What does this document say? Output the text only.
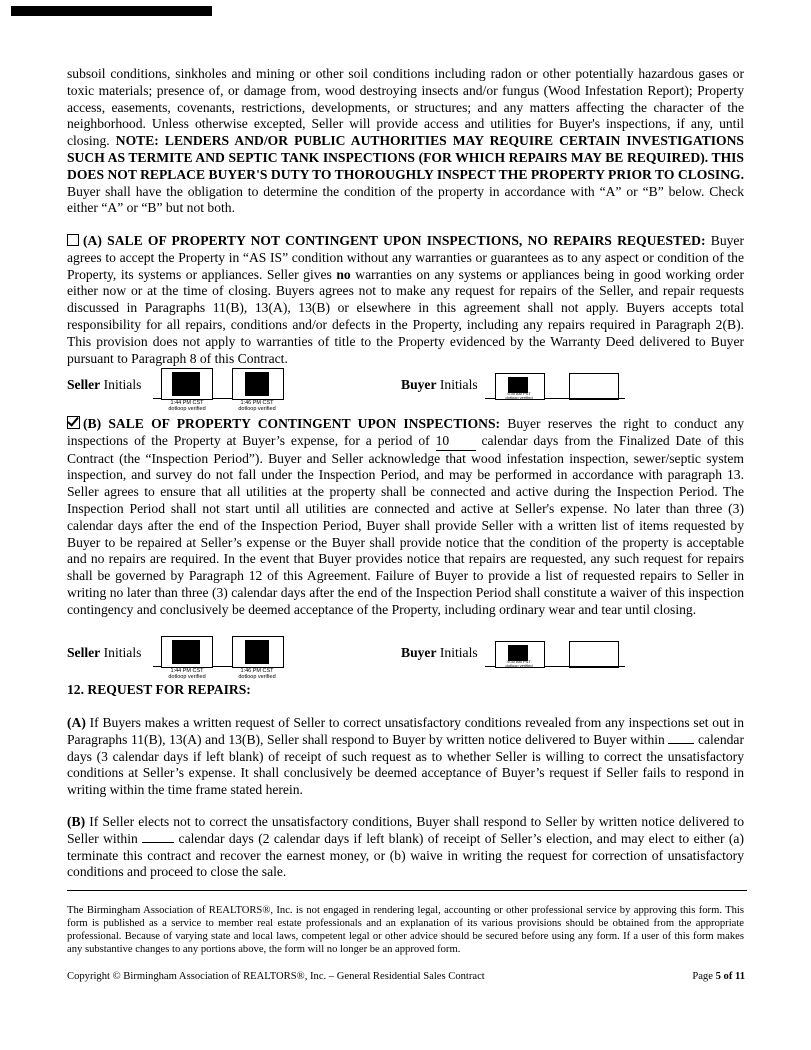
subsoil conditions, sinkholes and mining or other soil conditions including radon or other potentially hazardous gases or toxic materials; presence of, or damage from, wood destroying insects and/or fungus (Wood Infestation Report); Property access, easements, covenants, restrictions, developments, or structures; and any matters affecting the character of the neighborhood. Unless otherwise excepted, Seller will provide access and utilities for Buyer's inspections, if any, until closing. NOTE: LENDERS AND/OR PUBLIC AUTHORITIES MAY REQUIRE CERTAIN INVESTIGATIONS SUCH AS TERMITE AND SEPTIC TANK INSPECTIONS (FOR WHICH REPAIRS MAY BE REQUIRED). THIS DOES NOT REPLACE BUYER'S DUTY TO THOROUGHLY INSPECT THE PROPERTY PRIOR TO CLOSING. Buyer shall have the obligation to determine the condition of the property in accordance with “A” or “B” below. Check either “A” or “B” but not both.
(A) SALE OF PROPERTY NOT CONTINGENT UPON INSPECTIONS, NO REPAIRS REQUESTED: Buyer agrees to accept the Property in “AS IS” condition without any warranties or guarantees as to any aspect or condition of the Property, its systems or appliances. Seller gives no warranties on any systems or appliances being in good working order either now or at the time of closing. Buyers agrees not to make any request for repairs of the Seller, and repair requests discussed in Paragraphs 11(B), 13(A), 13(B) or elsewhere in this agreement shall not apply. Buyers accepts total responsibility for all repairs, conditions and/or defects in the Property, including any repairs required in Paragraph 2(B). This provision does not apply to warranties of title to the Property evidenced by the Warranty Deed delivered to Buyer pursuant to Paragraph 8 of this Contract.
Seller Initials
1:44 PM CST
dotloop verified
1:46 PM CST
dotloop verified
Buyer Initials
9:30 AM PST
dotloop verified
(B) SALE OF PROPERTY CONTINGENT UPON INSPECTIONS: Buyer reserves the right to conduct any inspections of the Property at Buyer’s expense, for a period of 10 calendar days from the Finalized Date of this Contract (the “Inspection Period”). Buyer and Seller acknowledge that wood infestation inspection, sewer/septic system inspection, and survey do not fall under the Inspection Period, and may be performed in accordance with paragraph 13. Seller agrees to ensure that all utilities at the property shall be connected and active during the Inspection Period. The Inspection Period shall not start until all utilities are connected and active at Seller's expense. No later than three (3) calendar days after the end of the Inspection Period, Buyer shall provide Seller with a written list of items requested by Buyer to be repaired at Seller’s expense or the Buyer shall provide notice that the condition of the property is acceptable and no repairs are required. In the event that Buyer provides notice that repairs are requested, any such request for repairs shall be governed by Paragraph 12 of this Agreement. Failure of Buyer to provide a list of requested repairs to Seller in writing no later than three (3) calendar days after the end of the Inspection Period shall constitute a waiver of this inspection contingency and conclusively be deemed acceptance of the Property, including ordinary wear and tear until closing.
Seller Initials
1:44 PM CST
dotloop verified
1:46 PM CST
dotloop verified
Buyer Initials
9:30 AM PST
dotloop verified
12. REQUEST FOR REPAIRS:
(A) If Buyers makes a written request of Seller to correct unsatisfactory conditions revealed from any inspections set out in Paragraphs 11(B), 13(A) and 13(B), Seller shall respond to Buyer by written notice delivered to Buyer within calendar days (3 calendar days if left blank) of receipt of such request as to whether Seller is willing to correct the unsatisfactory conditions at Seller’s expense. It shall conclusively be deemed acceptance of Buyer’s request if Seller fails to respond in writing within the time frame stated herein.
(B) If Seller elects not to correct the unsatisfactory conditions, Buyer shall respond to Seller by written notice delivered to Seller within	calendar days (2 calendar days if left blank) of receipt of Seller’s election, and may elect to either (a) terminate this contract and recover the earnest money, or (b) waive in writing the request for correction of unsatisfactory conditions and proceed to close the sale.
The Birmingham Association of REALTORS®, Inc. is not engaged in rendering legal, accounting or other professional service by approving this form. This form is published as a service to member real estate professionals and an explanation of its various provisions should be obtained from the appropriate professional. Because of varying state and local laws, competent legal or other advice should be secured before using any form. If a user of this form makes any substantive changes to any portions above, the form will no longer be an approved form.
Copyright © Birmingham Association of REALTORS®, Inc. – General Residential Sales Contract	Page 5 of 11
